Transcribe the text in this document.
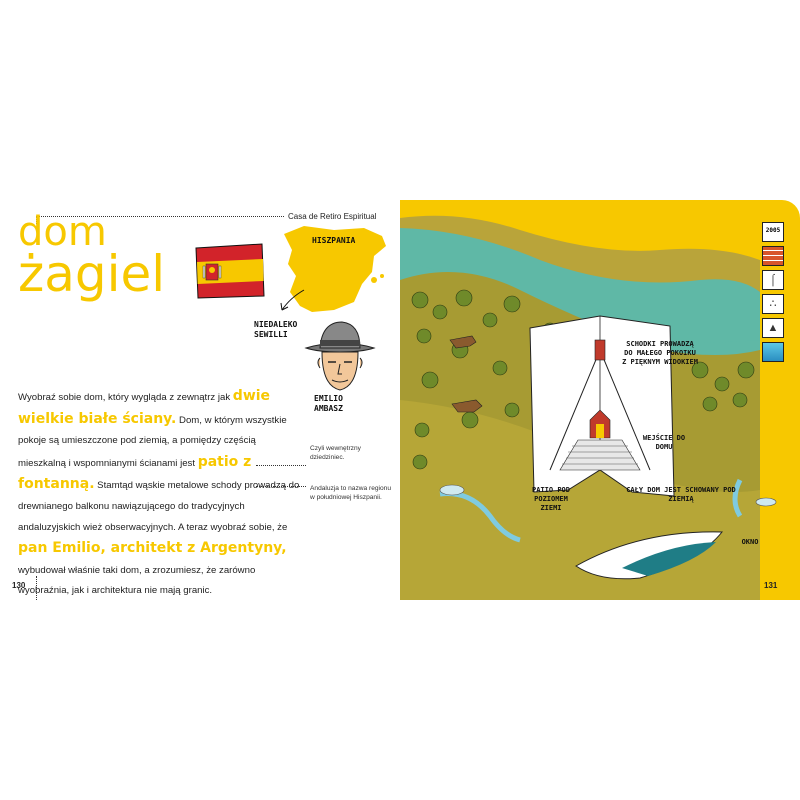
dom
żagiel
Casa de Retiro Espiritual
HISZPANIA
NIEDALEKO SEWILLI
EMILIO AMBASZ

Wyobraź sobie dom, który wygląda z zewnątrz jak dwie wielkie białe ściany. Dom, w którym wszystkie pokoje są umieszczone pod ziemią, a pomiędzy częścią mieszkalną i wspomnianymi ścianami jest patio z fontanną. Stamtąd wąskie metalowe schody prowadzą do drewnianego balkonu nawiązującego do tradycyjnych andaluzyjskich wież obserwacyjnych. A teraz wyobraź sobie, że pan Emilio, architekt z Argentyny, wybudował właśnie taki dom, a zrozumiesz, że zarówno wyobraźnia, jak i architektura nie mają granic.

Czyli wewnętrzny dziedziniec.
Andaluzja to nazwa regionu w południowej Hiszpanii.
130
SCHODKI PROWADZĄ DO MAŁEGO POKOIKU Z PIĘKNYM WIDOKIEM
WEJŚCIE DO DOMU
PATIO POD POZIOMEM ZIEMI
CAŁY DOM JEST SCHOWANY POD ZIEMIĄ
OKNO
2005
⌠
∴
▲
131
